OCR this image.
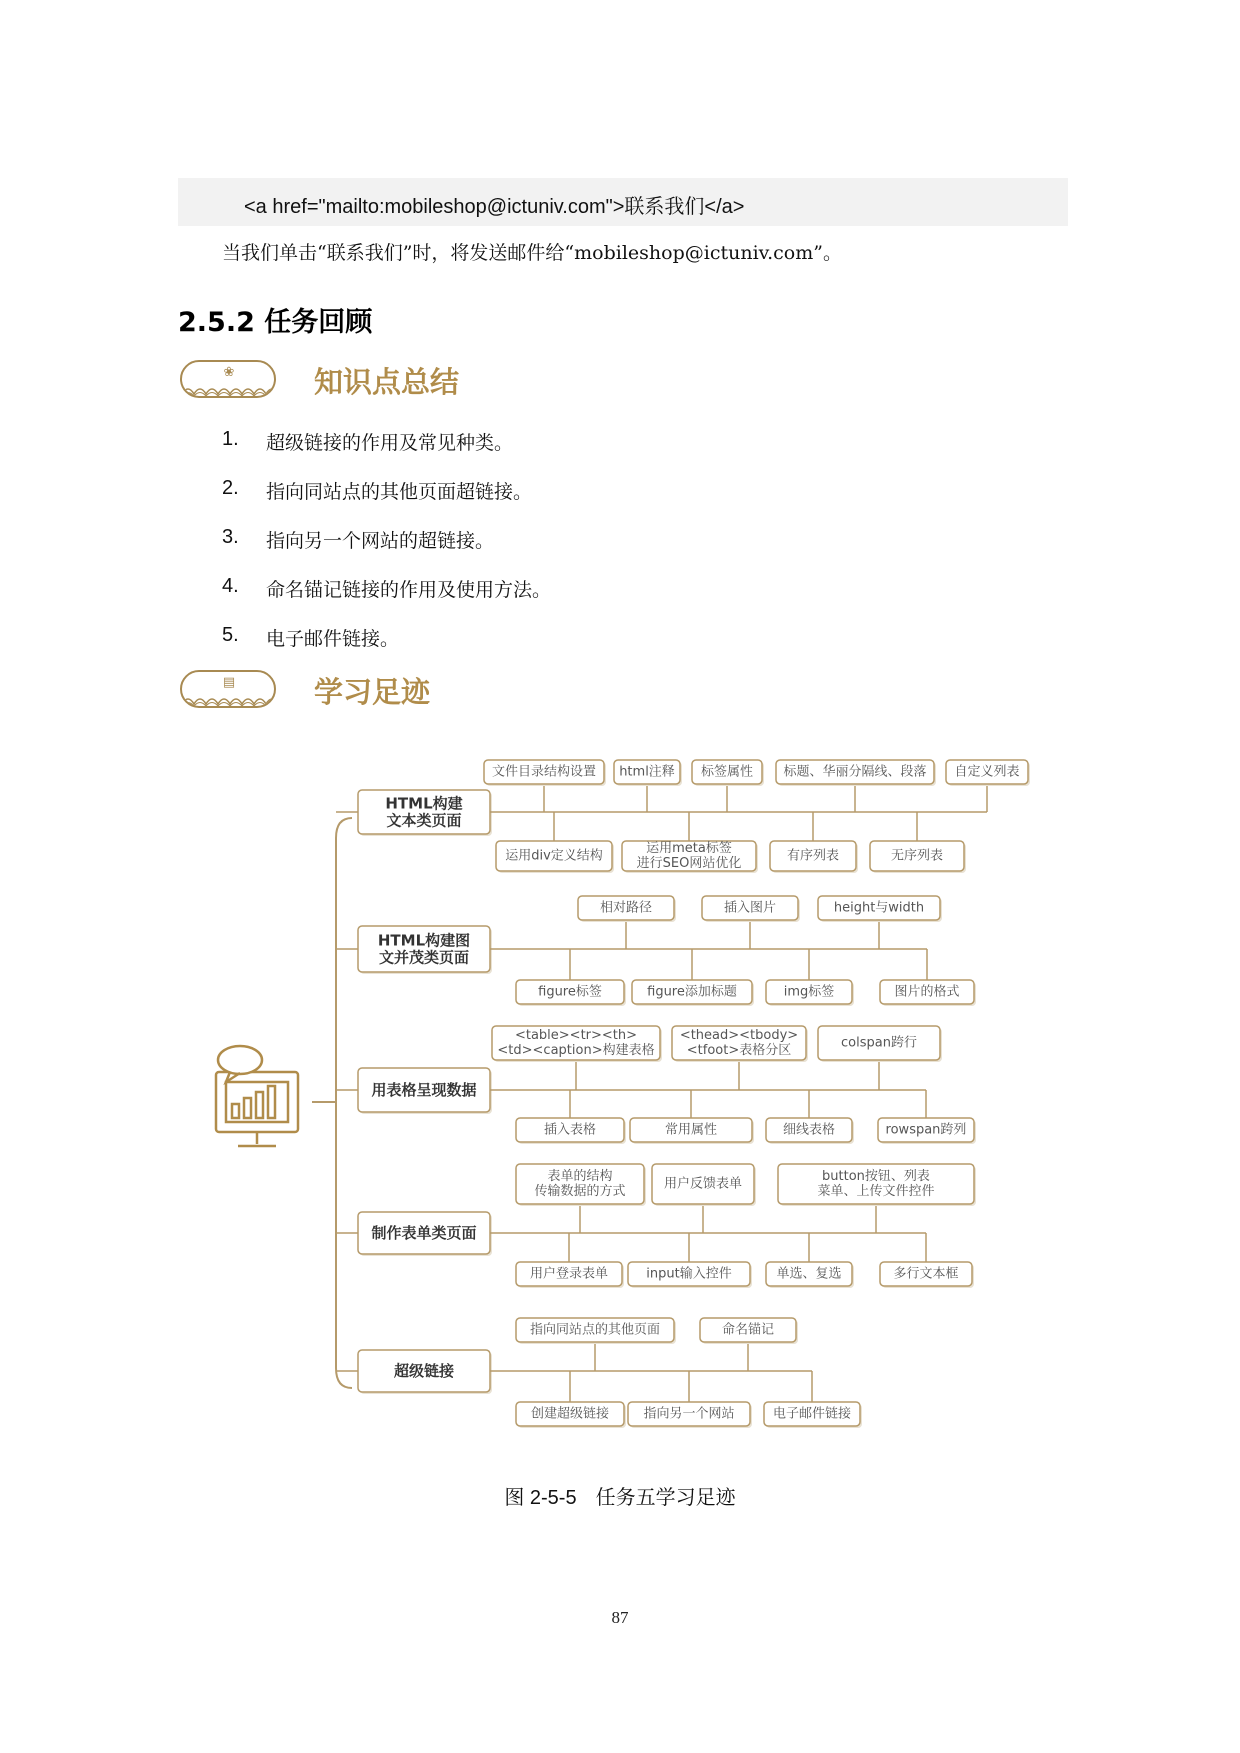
<a href="mailto:mobileshop@ictuniv.com">联系我们</a>
当我们单击“联系我们”时，将发送邮件给“mobileshop@ictuniv.com”。
2.5.2 任务回顾
❀	知识点总结
1.	超级链接的作用及常见种类。
2.	指向同站点的其他页面超链接。
3.	指向另一个网站的超链接。
4.	命名锚记链接的作用及使用方法。
5.	电子邮件链接。
▤	学习足迹
HTML构建
文本类页面
文件目录结构设置 html注释 标签属性 标题、华丽分隔线、段落 自定义列表
运用div定义结构	运用meta标签
进行SEO网站优化	有序列表	无序列表
HTML构建图
文并茂类页面
相对路径	插入图片	height与width
figure标签	figure添加标题	img标签	图片的格式
用表格呈现数据
<table><tr><th>
<td><caption>构建表格
<thead><tbody>
<tfoot>表格分区	colspan跨行
插入表格	常用属性	细线表格	rowspan跨列
制作表单类页面
表单的结构
传输数据的方式	用户反馈表单	button按钮、列表
菜单、上传文件控件
用户登录表单	input输入控件	单选、复选	多行文本框
超级链接
指向同站点的其他页面	命名锚记
创建超级链接	指向另一个网站	电子邮件链接
图 2-5-5 任务五学习足迹
87
